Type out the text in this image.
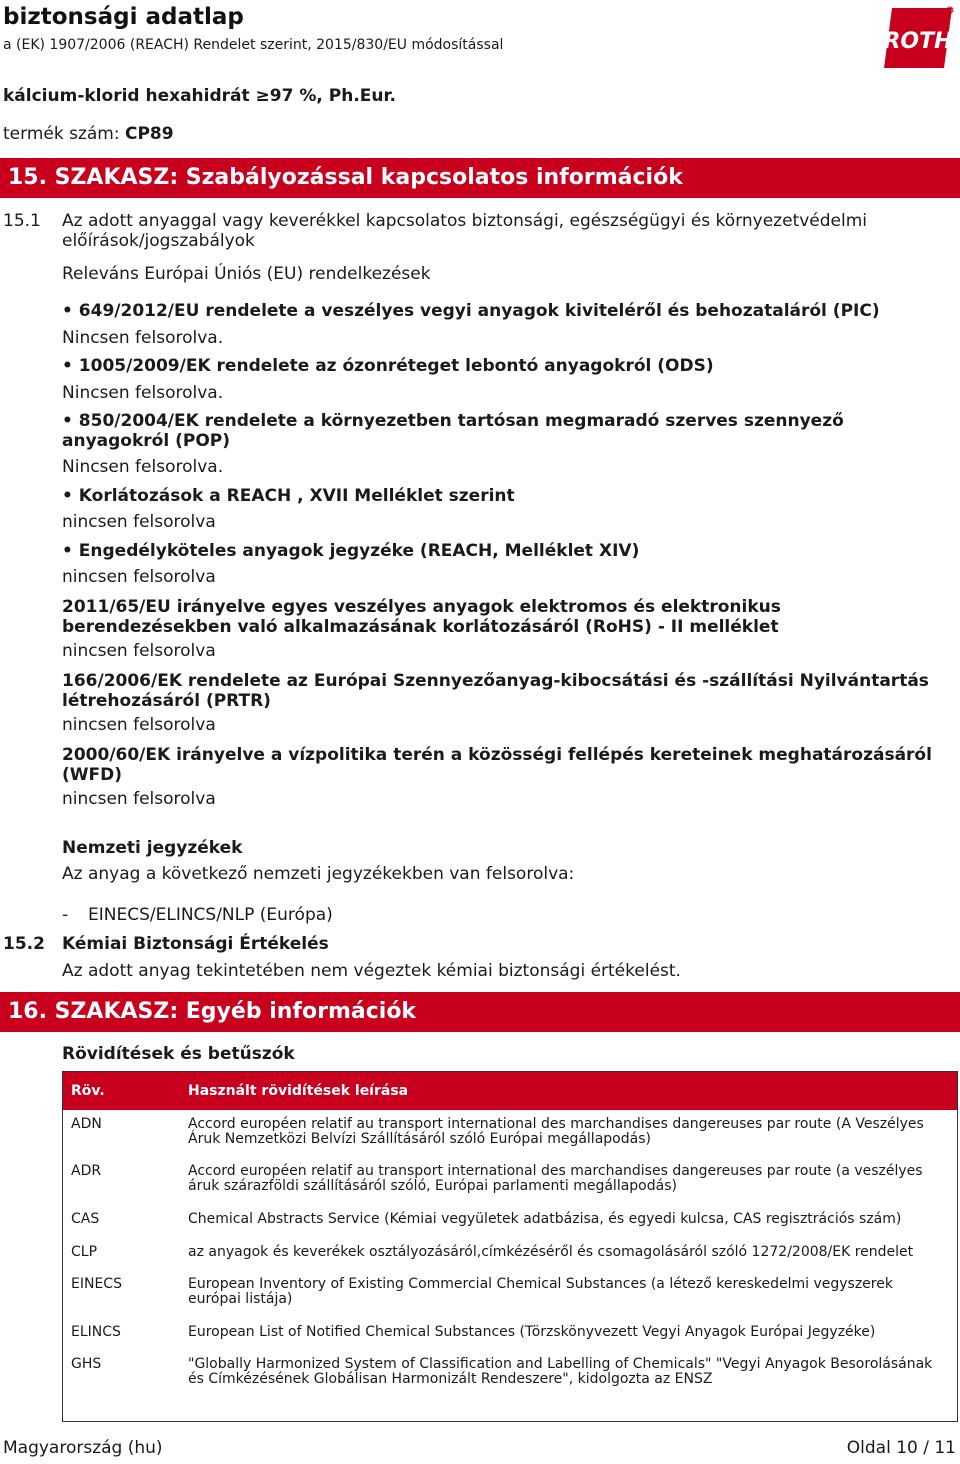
biztonsági adatlap
a (EK) 1907/2006 (REACH) Rendelet szerint, 2015/830/EU módosítással	ROTH
kálcium-klorid hexahidrát ≥97 %, Ph.Eur.
termék szám: CP89
15. SZAKASZ: Szabályozással kapcsolatos információk
15.1 Az adott anyaggal vagy keverékkel kapcsolatos biztonsági, egészségügyi és környezetvédelmi előírások/jogszabályok
Releváns Európai Úniós (EU) rendelkezések
• 649/2012/EU rendelete a veszélyes vegyi anyagok kiviteléről és behozataláról (PIC)
Nincsen felsorolva.
• 1005/2009/EK rendelete az ózonréteget lebontó anyagokról (ODS)
Nincsen felsorolva.
• 850/2004/EK rendelete a környezetben tartósan megmaradó szerves szennyező anyagokról (POP)
Nincsen felsorolva.
• Korlátozások a REACH , XVII Melléklet szerint
nincsen felsorolva
• Engedélyköteles anyagok jegyzéke (REACH, Melléklet XIV)
nincsen felsorolva
2011/65/EU irányelve egyes veszélyes anyagok elektromos és elektronikus berendezésekben való alkalmazásának korlátozásáról (RoHS) - II melléklet
nincsen felsorolva
166/2006/EK rendelete az Európai Szennyezőanyag-kibocsátási és -szállítási Nyilvántartás létrehozásáról (PRTR)
nincsen felsorolva
2000/60/EK irányelve a vízpolitika terén a közösségi fellépés kereteinek meghatározásáról (WFD)
nincsen felsorolva
Nemzeti jegyzékek
Az anyag a következő nemzeti jegyzékekben van felsorolva:
- EINECS/ELINCS/NLP (Európa)
15.2 Kémiai Biztonsági Értékelés
Az adott anyag tekintetében nem végeztek kémiai biztonsági értékelést.
16. SZAKASZ: Egyéb információk
Rövidítések és betűszók
Röv.	Használt rövidítések leírása
ADN	Accord européen relatif au transport international des marchandises dangereuses par route (A Veszélyes Áruk Nemzetközi Belvízi Szállításáról szóló Európai megállapodás)
ADR	Accord européen relatif au transport international des marchandises dangereuses par route (a veszélyes áruk szárazföldi szállításáról szóló, Európai parlamenti megállapodás)
CAS	Chemical Abstracts Service (Kémiai vegyületek adatbázisa, és egyedi kulcsa, CAS regisztrációs szám)
CLP	az anyagok és keverékek osztályozásáról,címkézéséről és csomagolásáról szóló 1272/2008/EK rendelet
EINECS	European Inventory of Existing Commercial Chemical Substances (a létező kereskedelmi vegyszerek európai listája)
ELINCS	European List of Notified Chemical Substances (Törzskönyvezett Vegyi Anyagok Európai Jegyzéke)
GHS	"Globally Harmonized System of Classification and Labelling of Chemicals" "Vegyi Anyagok Besorolásának és Címkézésének Globálisan Harmonizált Rendeszere", kidolgozta az ENSZ
Magyarország (hu)	Oldal 10 / 11
